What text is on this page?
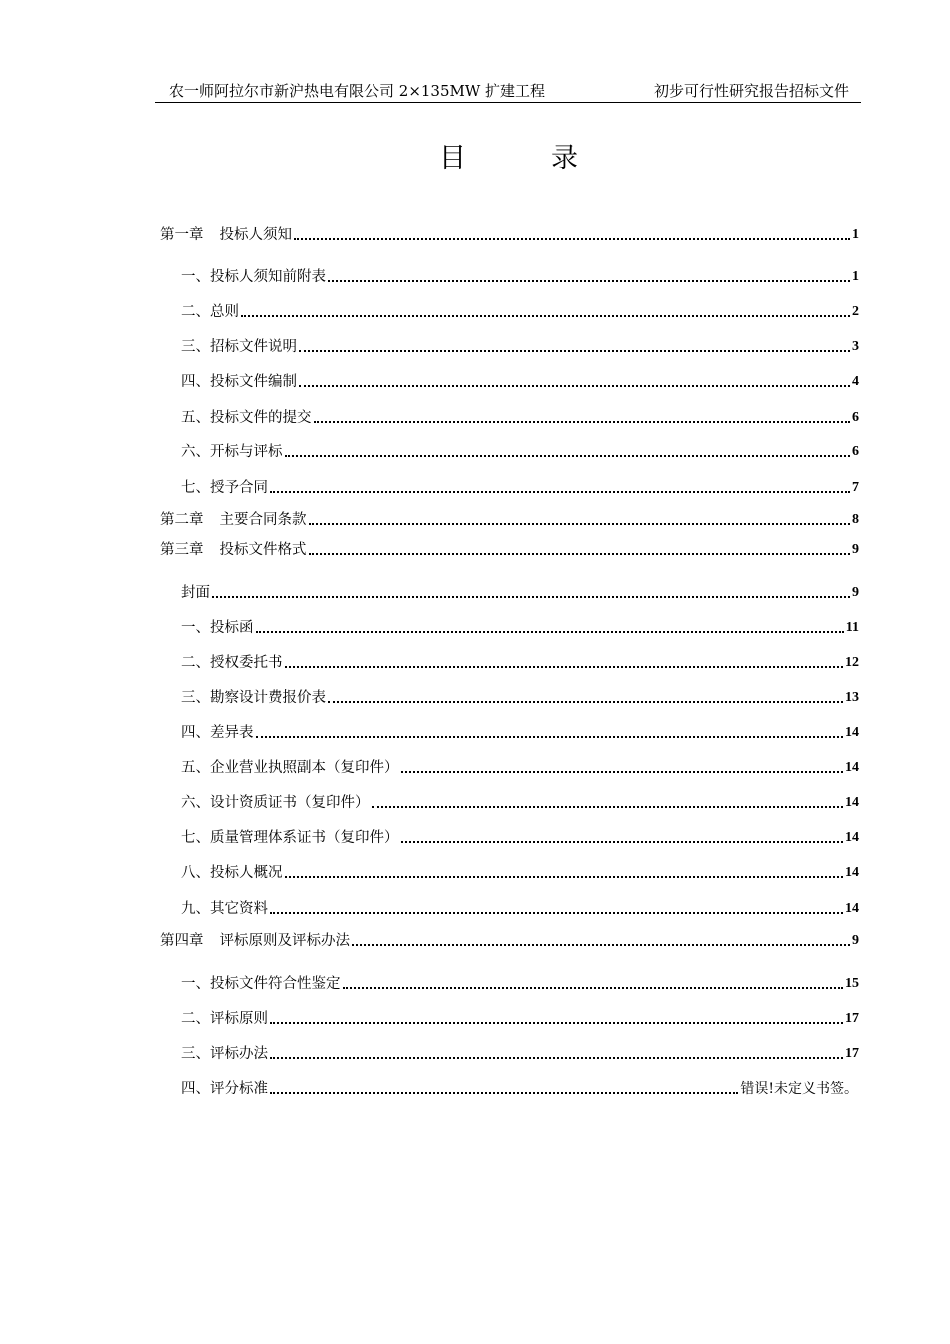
农一师阿拉尔市新沪热电有限公司 2×135MW 扩建工程	初步可行性研究报告招标文件
目	录
第一章 投标人须知	1
一、投标人须知前附表	1
二、总则	2
三、招标文件说明	3
四、投标文件编制	4
五、投标文件的提交	6
六、开标与评标	6
七、授予合同	7
第二章 主要合同条款	8
第三章 投标文件格式	9
封面	9
一、投标函	11
二、授权委托书	12
三、勘察设计费报价表	13
四、差异表	14
五、企业营业执照副本（复印件）	14
六、设计资质证书（复印件）	14
七、质量管理体系证书（复印件）	14
八、投标人概况	14
九、其它资料	14
第四章 评标原则及评标办法	9
一、投标文件符合性鉴定	15
二、评标原则	17
三、评标办法	17
四、评分标准	错误!未定义书签。
